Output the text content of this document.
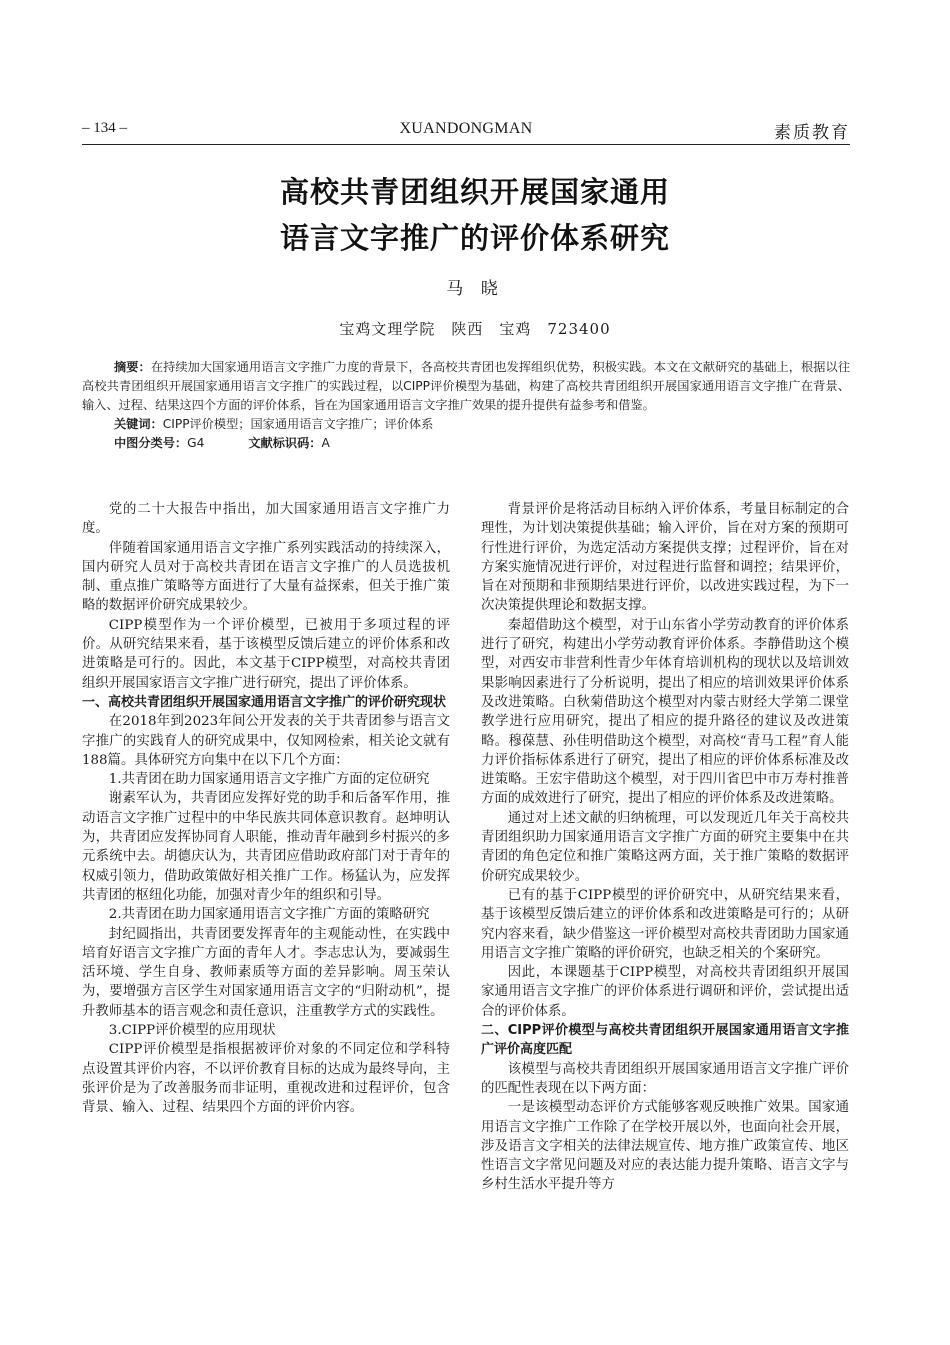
– 134 –	XUANDONGMAN	素质教育
高校共青团组织开展国家通用
语言文字推广的评价体系研究
马 晓
宝鸡文理学院　陕西　宝鸡　723400

摘要：在持续加大国家通用语言文字推广力度的背景下，各高校共青团也发挥组织优势，积极实践。本文在文献研究的基础上，根据以往高校共青团组织开展国家通用语言文字推广的实践过程，以CIPP评价模型为基础，构建了高校共青团组织开展国家通用语言文字推广在背景、输入、过程、结果这四个方面的评价体系，旨在为国家通用语言文字推广效果的提升提供有益参考和借鉴。

关键词：CIPP评价模型；国家通用语言文字推广；评价体系

中图分类号：G4	文献标识码：A

党的二十大报告中指出，加大国家通用语言文字推广力度。

伴随着国家通用语言文字推广系列实践活动的持续深入，国内研究人员对于高校共青团在语言文字推广的人员选拔机制、重点推广策略等方面进行了大量有益探索，但关于推广策略的数据评价研究成果较少。

CIPP模型作为一个评价模型，已被用于多项过程的评价。从研究结果来看，基于该模型反馈后建立的评价体系和改进策略是可行的。因此，本文基于CIPP模型，对高校共青团组织开展国家语言文字推广进行研究，提出了评价体系。

一、高校共青团组织开展国家通用语言文字推广的评价研究现状

在2018年到2023年间公开发表的关于共青团参与语言文字推广的实践育人的研究成果中，仅知网检索，相关论文就有188篇。具体研究方向集中在以下几个方面：

1.共青团在助力国家通用语言文字推广方面的定位研究

谢素军认为，共青团应发挥好党的助手和后备军作用，推动语言文字推广过程中的中华民族共同体意识教育。赵坤明认为，共青团应发挥协同育人职能，推动青年融到乡村振兴的多元系统中去。胡德庆认为，共青团应借助政府部门对于青年的权威引领力，借助政策做好相关推广工作。杨猛认为，应发挥共青团的枢纽化功能，加强对青少年的组织和引导。

2.共青团在助力国家通用语言文字推广方面的策略研究

封纪圆指出，共青团要发挥青年的主观能动性，在实践中培育好语言文字推广方面的青年人才。李志忠认为，要减弱生活环境、学生自身、教师素质等方面的差异影响。周玉荣认为，要增强方言区学生对国家通用语言文字的“归附动机”，提升教师基本的语言观念和责任意识，注重教学方式的实践性。

3.CIPP评价模型的应用现状

CIPP评价模型是指根据被评价对象的不同定位和学科特点设置其评价内容，不以评价教育目标的达成为最终导向，主张评价是为了改善服务而非证明，重视改进和过程评价，包含背景、输入、过程、结果四个方面的评价内容。

背景评价是将活动目标纳入评价体系，考量目标制定的合理性，为计划决策提供基础；输入评价，旨在对方案的预期可行性进行评价，为选定活动方案提供支撑；过程评价，旨在对方案实施情况进行评价，对过程进行监督和调控；结果评价，旨在对预期和非预期结果进行评价，以改进实践过程，为下一次决策提供理论和数据支撑。

秦超借助这个模型，对于山东省小学劳动教育的评价体系进行了研究，构建出小学劳动教育评价体系。李静借助这个模型，对西安市非营利性青少年体育培训机构的现状以及培训效果影响因素进行了分析说明，提出了相应的培训效果评价体系及改进策略。白秋菊借助这个模型对内蒙古财经大学第二课堂教学进行应用研究，提出了相应的提升路径的建议及改进策略。穆葆慧、孙佳明借助这个模型，对高校“青马工程”育人能力评价指标体系进行了研究，提出了相应的评价体系标准及改进策略。王宏宇借助这个模型，对于四川省巴中市万寿村推普方面的成效进行了研究，提出了相应的评价体系及改进策略。

通过对上述文献的归纳梳理，可以发现近几年关于高校共青团组织助力国家通用语言文字推广方面的研究主要集中在共青团的角色定位和推广策略这两方面，关于推广策略的数据评价研究成果较少。

已有的基于CIPP模型的评价研究中，从研究结果来看，基于该模型反馈后建立的评价体系和改进策略是可行的；从研究内容来看，缺少借鉴这一评价模型对高校共青团助力国家通用语言文字推广策略的评价研究，也缺乏相关的个案研究。

因此，本课题基于CIPP模型，对高校共青团组织开展国家通用语言文字推广的评价体系进行调研和评价，尝试提出适合的评价体系。

二、CIPP评价模型与高校共青团组织开展国家通用语言文字推广评价高度匹配

该模型与高校共青团组织开展国家通用语言文字推广评价的匹配性表现在以下两方面：

一是该模型动态评价方式能够客观反映推广效果。国家通用语言文字推广工作除了在学校开展以外，也面向社会开展，涉及语言文字相关的法律法规宣传、地方推广政策宣传、地区性语言文字常见问题及对应的表达能力提升策略、语言文字与乡村生活水平提升等方
